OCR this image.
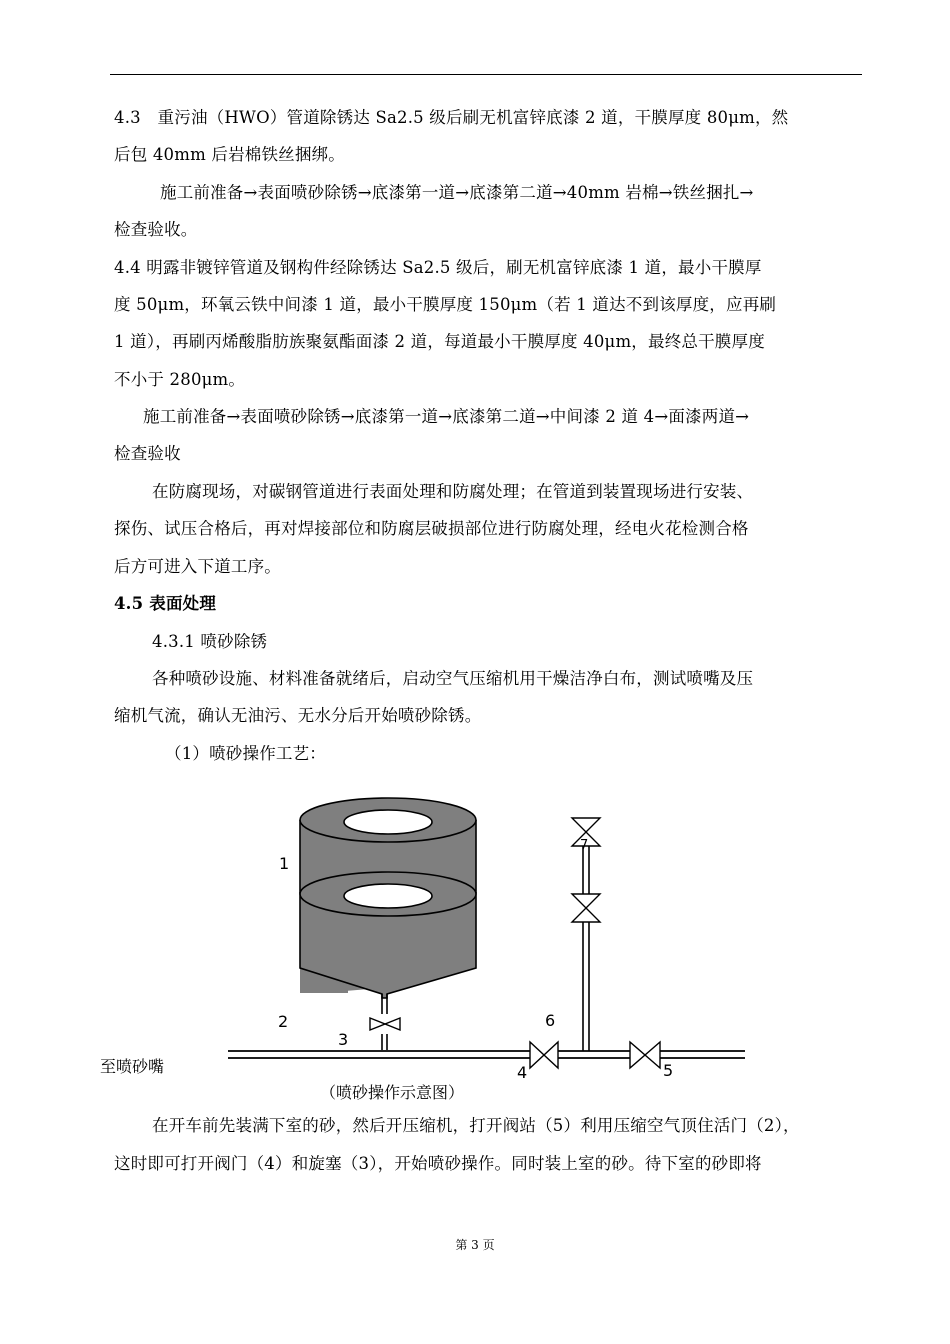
4.3　重污油（HWO）管道除锈达 Sa2.5 级后刷无机富锌底漆 2 道，干膜厚度 80μm，然
后包 40mm 后岩棉铁丝捆绑。
施工前准备→表面喷砂除锈→底漆第一道→底漆第二道→40mm 岩棉→铁丝捆扎→
检查验收。
4.4 明露非镀锌管道及钢构件经除锈达 Sa2.5 级后，刷无机富锌底漆 1 道，最小干膜厚
度 50μm，环氧云铁中间漆 1 道，最小干膜厚度 150μm（若 1 道达不到该厚度，应再刷
1 道），再刷丙烯酸脂肪族聚氨酯面漆 2 道，每道最小干膜厚度 40μm，最终总干膜厚度
不小于 280μm。
施工前准备→表面喷砂除锈→底漆第一道→底漆第二道→中间漆 2 道 4→面漆两道→
检查验收
在防腐现场，对碳钢管道进行表面处理和防腐处理；在管道到装置现场进行安装、
探伤、试压合格后，再对焊接部位和防腐层破损部位进行防腐处理，经电火花检测合格
后方可进入下道工序。
4.5 表面处理
4.3.1 喷砂除锈
各种喷砂设施、材料准备就绪后，启动空气压缩机用干燥洁净白布，测试喷嘴及压
缩机气流，确认无油污、无水分后开始喷砂除锈。
（1）喷砂操作工艺：
1
2
3
4	5
6
7
至喷砂嘴
（喷砂操作示意图）
在开车前先装满下室的砂，然后开压缩机，打开阀站（5）利用压缩空气顶住活门（2），
这时即可打开阀门（4）和旋塞（3），开始喷砂操作。同时装上室的砂。待下室的砂即将
第 3 页
